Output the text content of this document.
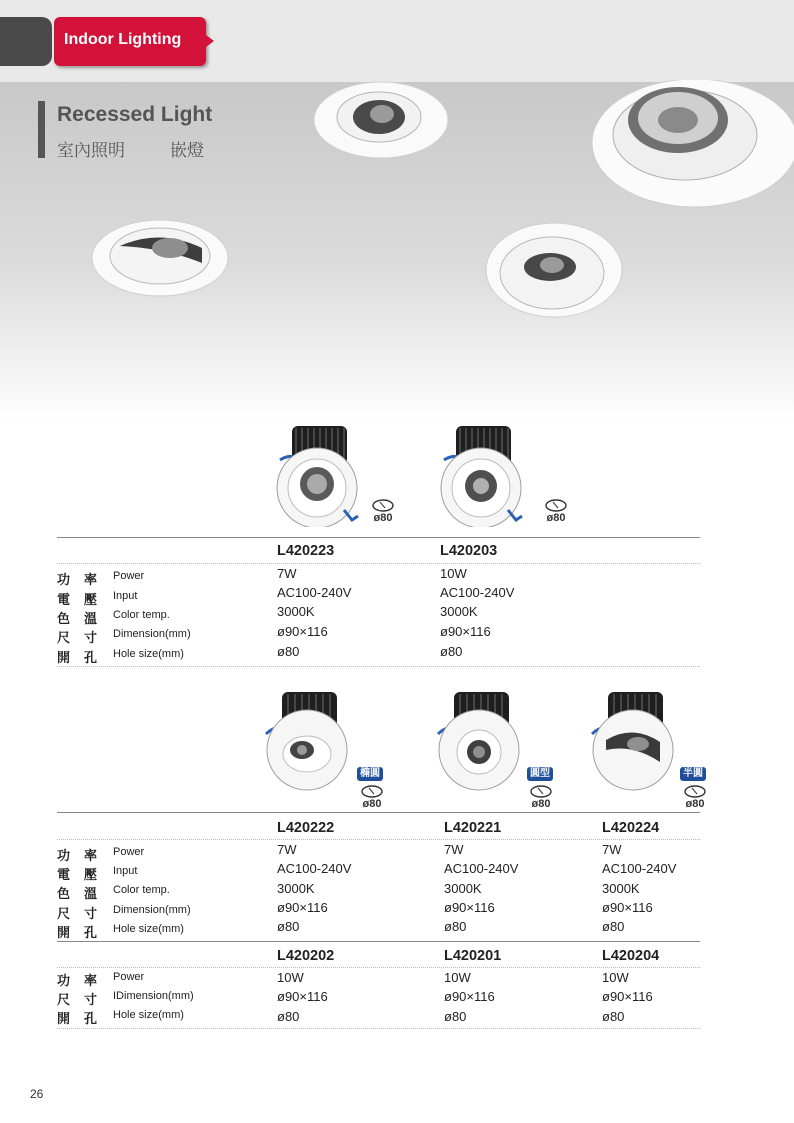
Indoor Lighting
Recessed Light
室內照明	嵌燈
ø80	ø80
L420223	L420203
功率 Power	7W	10W
電壓 Input	AC100-240V	AC100-240V
色溫 Color temp.	3000K	3000K
尺寸 Dimension(mm)	ø90×116	ø90×116
開孔 Hole size(mm)	ø80	ø80
橢圓	圓型	半圓
ø80	ø80	ø80
L420222	L420221	L420224
功率 Power	7W	7W	7W
電壓 Input	AC100-240V	AC100-240V	AC100-240V
色溫 Color temp.	3000K	3000K	3000K
尺寸 Dimension(mm)	ø90×116	ø90×116	ø90×116
開孔 Hole size(mm)	ø80	ø80	ø80
L420202	L420201	L420204
功率 Power	10W	10W	10W
尺寸 IDimension(mm)	ø90×116	ø90×116	ø90×116
開孔 Hole size(mm)	ø80	ø80	ø80
26
